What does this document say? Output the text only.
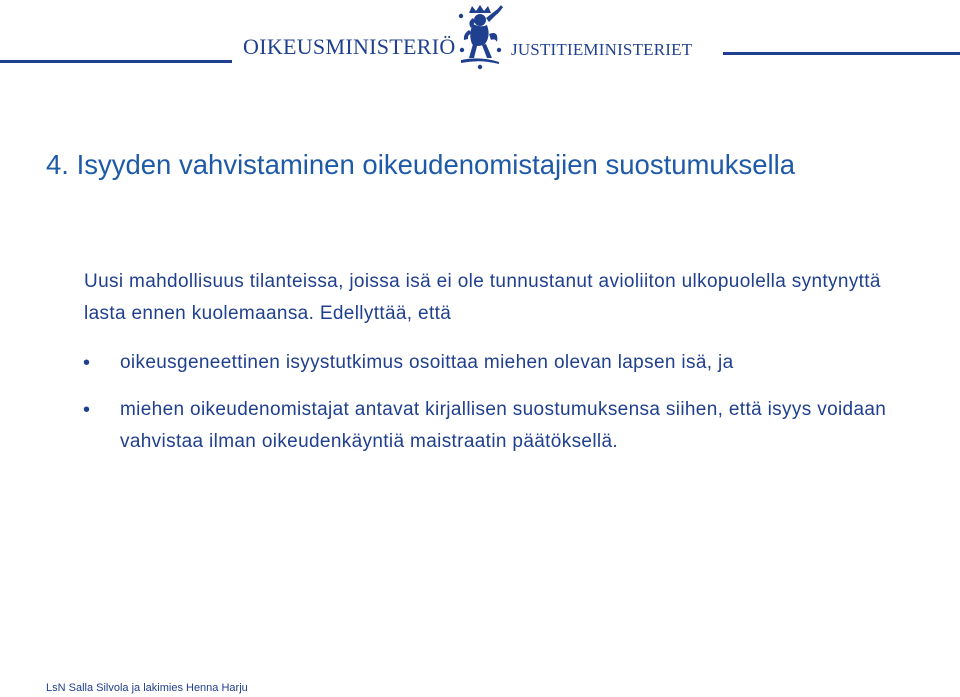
OIKEUSMINISTERIÖ	JUSTITIEMINISTERIET
4. Isyyden vahvistaminen oikeudenomistajien suostumuksella

Uusi mahdollisuus tilanteissa, joissa isä ei ole tunnustanut avioliiton ulkopuolella syntynyttä lasta ennen kuolemaansa. Edellyttää, että

• oikeusgeneettinen isyystutkimus osoittaa miehen olevan lapsen isä, ja
• miehen oikeudenomistajat antavat kirjallisen suostumuksensa siihen, että isyys voidaan vahvistaa ilman oikeudenkäyntiä maistraatin päätöksellä.
LsN Salla Silvola ja lakimies Henna Harju
